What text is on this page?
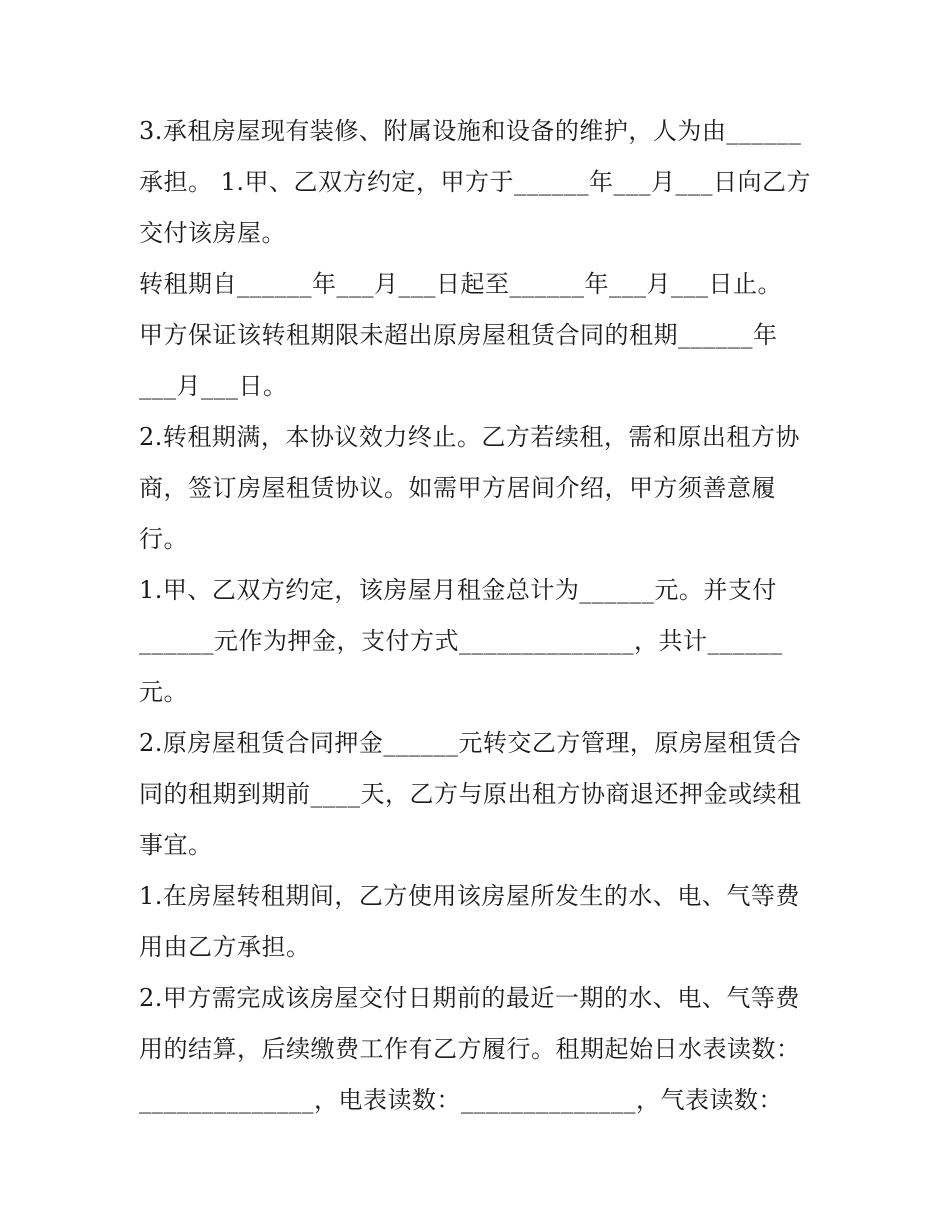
3.承租房屋现有装修、附属设施和设备的维护，人为由______
承担。 1.甲、乙双方约定，甲方于______年___月___日向乙方
交付该房屋。
转租期自______年___月___日起至______年___月___日止。
甲方保证该转租期限未超出原房屋租赁合同的租期______年
___月___日。
2.转租期满，本协议效力终止。乙方若续租，需和原出租方协
商，签订房屋租赁协议。如需甲方居间介绍，甲方须善意履
行。
1.甲、乙双方约定，该房屋月租金总计为______元。并支付
______元作为押金，支付方式______________，共计______
元。
2.原房屋租赁合同押金______元转交乙方管理，原房屋租赁合
同的租期到期前____天，乙方与原出租方协商退还押金或续租
事宜。
1.在房屋转租期间，乙方使用该房屋所发生的水、电、气等费
用由乙方承担。
2.甲方需完成该房屋交付日期前的最近一期的水、电、气等费
用的结算，后续缴费工作有乙方履行。租期起始日水表读数：
______________，电表读数：______________，气表读数：
